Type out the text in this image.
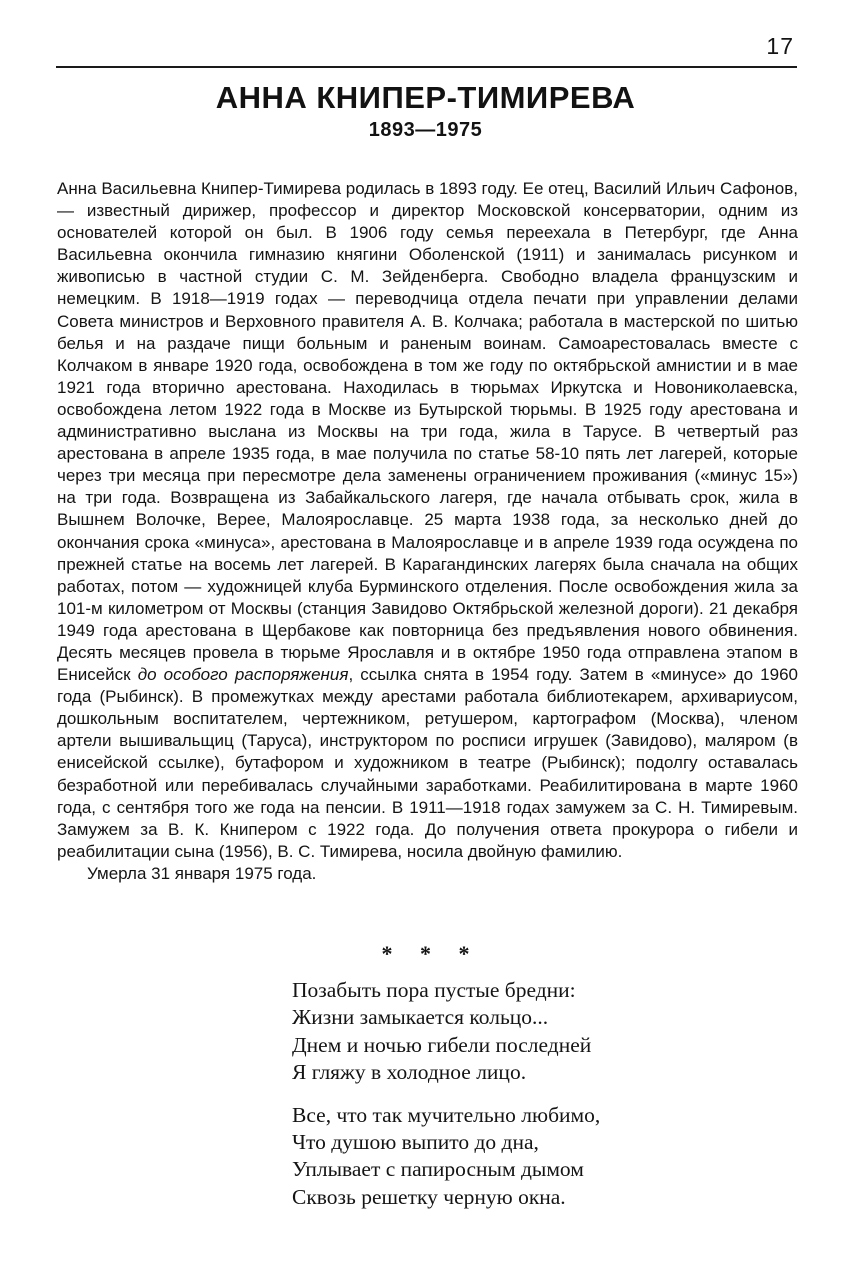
17
АННА КНИПЕР-ТИМИРЕВА
1893—1975

Анна Васильевна Книпер-Тимирева родилась в 1893 году. Ее отец, Василий Ильич Сафонов, — известный дирижер, профессор и директор Московской консерватории, одним из основателей которой он был. В 1906 году семья переехала в Петербург, где Анна Васильевна окончила гимназию княгини Оболенской (1911) и занималась рисунком и живописью в частной студии С. М. Зейденберга. Свободно владела французским и немецким. В 1918—1919 годах — переводчица отдела печати при управлении делами Совета министров и Верховного правителя А. В. Колчака; работала в мастерской по шитью белья и на раздаче пищи больным и раненым воинам. Самоарестовалась вместе с Колчаком в январе 1920 года, освобождена в том же году по октябрьской амнистии и в мае 1921 года вторично арестована. Находилась в тюрьмах Иркутска и Новониколаевска, освобождена летом 1922 года в Москве из Бутырской тюрьмы. В 1925 году арестована и административно выслана из Москвы на три года, жила в Тарусе. В четвертый раз арестована в апреле 1935 года, в мае получила по статье 58-10 пять лет лагерей, которые через три месяца при пересмотре дела заменены ограничением проживания («минус 15») на три года. Возвращена из Забайкальского лагеря, где начала отбывать срок, жила в Вышнем Волочке, Верее, Малоярославце. 25 марта 1938 года, за несколько дней до окончания срока «минуса», арестована в Малоярославце и в апреле 1939 года осуждена по прежней статье на восемь лет лагерей. В Карагандинских лагерях была сначала на общих работах, потом — художницей клуба Бурминского отделения. После освобождения жила за 101-м километром от Москвы (станция Завидово Октябрьской железной дороги). 21 декабря 1949 года арестована в Щербакове как повторница без предъявления нового обвинения. Десять месяцев провела в тюрьме Ярославля и в октябре 1950 года отправлена этапом в Енисейск до особого распоряжения, ссылка снята в 1954 году. Затем в «минусе» до 1960 года (Рыбинск). В промежутках между арестами работала библиотекарем, архивариусом, дошкольным воспитателем, чертежником, ретушером, картографом (Москва), членом артели вышивальщиц (Таруса), инструктором по росписи игрушек (Завидово), маляром (в енисейской ссылке), бутафором и художником в театре (Рыбинск); подолгу оставалась безработной или перебивалась случайными заработками. Реабилитирована в марте 1960 года, с сентября того же года на пенсии. В 1911—1918 годах замужем за С. Н. Тимиревым. Замужем за В. К. Книпером с 1922 года. До получения ответа прокурора о гибели и реабилитации сына (1956), В. С. Тимирева, носила двойную фамилию.

Умерла 31 января 1975 года.

* * *
Позабыть пора пустые бредни:
Жизни замыкается кольцо...
Днем и ночью гибели последней
Я гляжу в холодное лицо.
Все, что так мучительно любимо,
Что душою выпито до дна,
Уплывает с папиросным дымом
Сквозь решетку черную окна.
